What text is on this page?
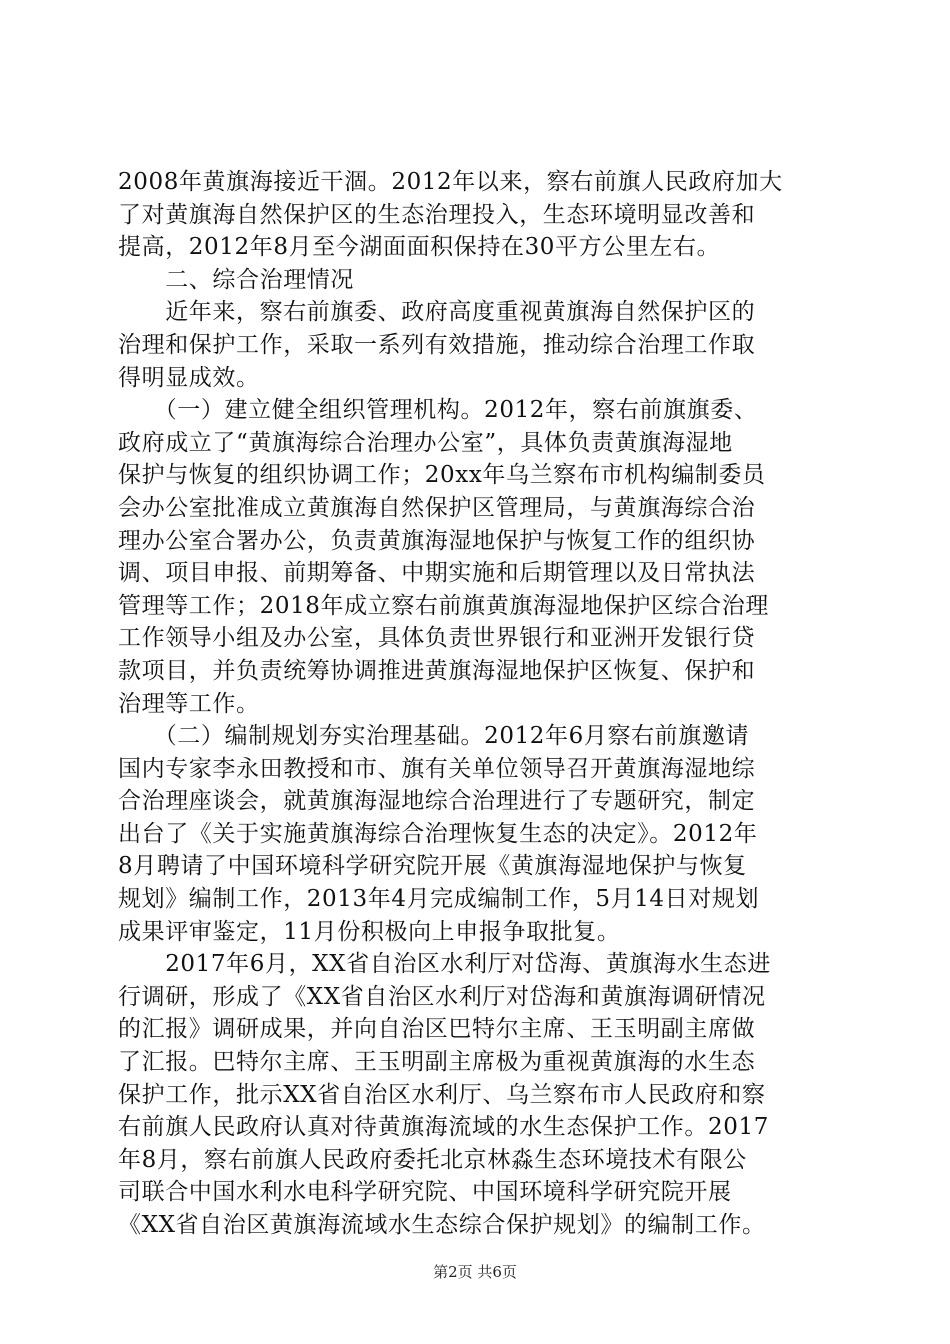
2008年黄旗海接近干涸。2012年以来，察右前旗人民政府加大
了对黄旗海自然保护区的生态治理投入，生态环境明显改善和
提高，2012年8月至今湖面面积保持在30平方公里左右。
　　二、综合治理情况
　　近年来，察右前旗委、政府高度重视黄旗海自然保护区的
治理和保护工作，采取一系列有效措施，推动综合治理工作取
得明显成效。
　　（一）建立健全组织管理机构。2012年，察右前旗旗委、
政府成立了“黄旗海综合治理办公室”，具体负责黄旗海湿地
保护与恢复的组织协调工作；20xx年乌兰察布市机构编制委员
会办公室批准成立黄旗海自然保护区管理局，与黄旗海综合治
理办公室合署办公，负责黄旗海湿地保护与恢复工作的组织协
调、项目申报、前期筹备、中期实施和后期管理以及日常执法
管理等工作；2018年成立察右前旗黄旗海湿地保护区综合治理
工作领导小组及办公室，具体负责世界银行和亚洲开发银行贷
款项目，并负责统筹协调推进黄旗海湿地保护区恢复、保护和
治理等工作。
　　（二）编制规划夯实治理基础。2012年6月察右前旗邀请
国内专家李永田教授和市、旗有关单位领导召开黄旗海湿地综
合治理座谈会，就黄旗海湿地综合治理进行了专题研究，制定
出台了《关于实施黄旗海综合治理恢复生态的决定》。2012年
8月聘请了中国环境科学研究院开展《黄旗海湿地保护与恢复
规划》编制工作，2013年4月完成编制工作，5月14日对规划
成果评审鉴定，11月份积极向上申报争取批复。
　　2017年6月，XX省自治区水利厅对岱海、黄旗海水生态进
行调研，形成了《XX省自治区水利厅对岱海和黄旗海调研情况
的汇报》调研成果，并向自治区巴特尔主席、王玉明副主席做
了汇报。巴特尔主席、王玉明副主席极为重视黄旗海的水生态
保护工作，批示XX省自治区水利厅、乌兰察布市人民政府和察
右前旗人民政府认真对待黄旗海流域的水生态保护工作。2017
年8月，察右前旗人民政府委托北京林淼生态环境技术有限公
司联合中国水利水电科学研究院、中国环境科学研究院开展
《XX省自治区黄旗海流域水生态综合保护规划》的编制工作。
第2页 共6页
